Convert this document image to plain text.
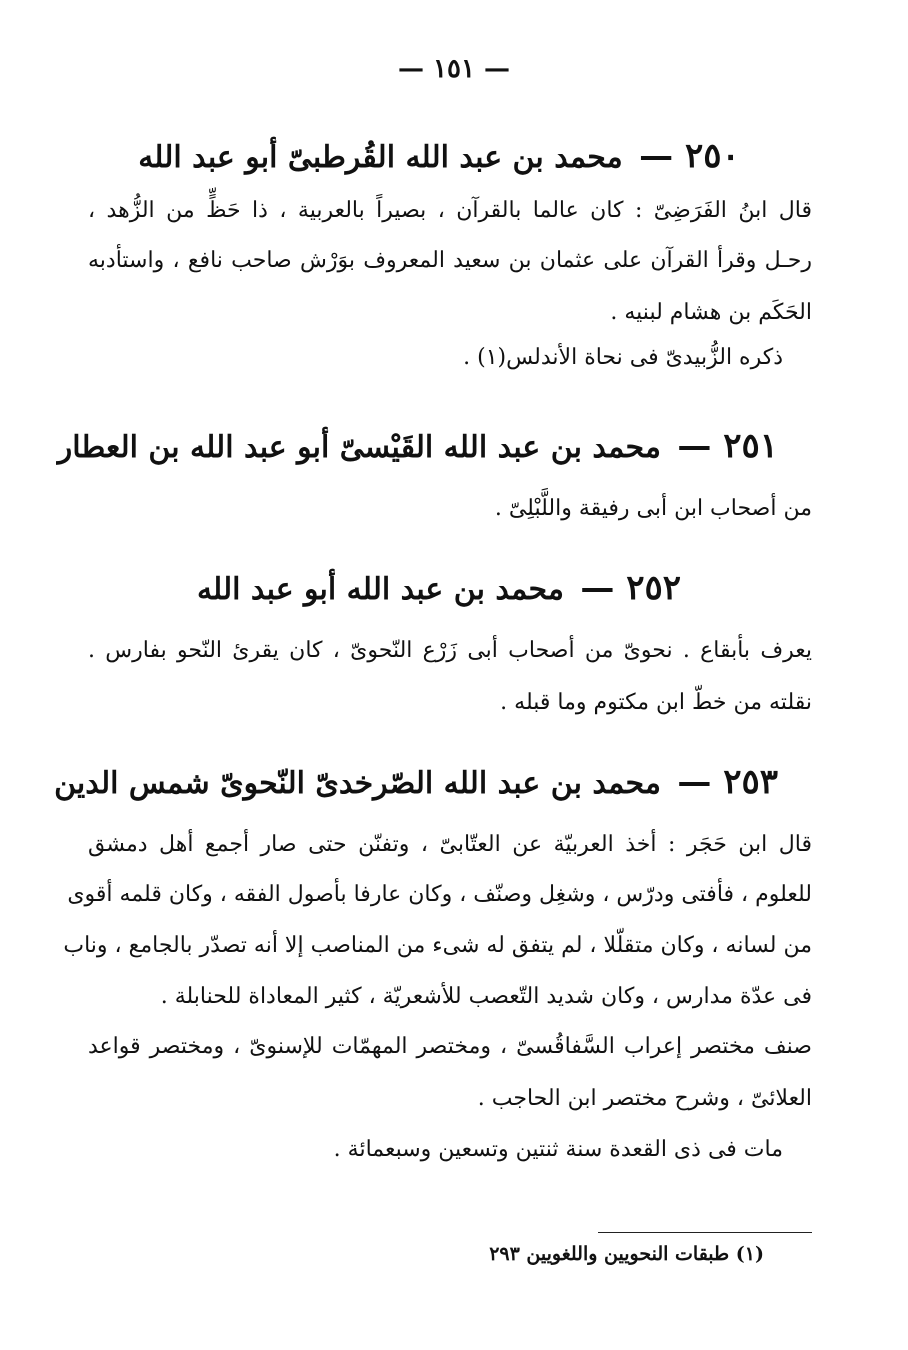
— ١٥١ —
٢٥٠ — محمد بن عبد الله القُرطبىّ أبو عبد الله
قال ابنُ الفَرَضِىّ : كان عالما بالقرآن ، بصيراً بالعربية ، ذا حَظٍّ من الزُّهد ،
رحـل وقرأ القرآن على عثمان بن سعيد المعروف بوَرْش صاحب نافع ، واستأدبه
الحَكَم بن هشام لبنيه .
ذكره الزُّبيدىّ فى نحاة الأندلس(١) .
٢٥١ — محمد بن عبد الله القَيْسىّ أبو عبد الله بن العطار
من أصحاب ابن أبى رفيقة واللَّبْلِىّ .
٢٥٢ — محمد بن عبد الله أبو عبد الله
يعرف بأبقاع . نحوىّ من أصحاب أبى زَرْع النّحوىّ ، كان يقرئ النّحو بفارس .
نقلته من خطّ ابن مكتوم وما قبله .
٢٥٣ — محمد بن عبد الله الصّرخدىّ النّحوىّ شمس الدين
قال ابن حَجَر : أخذ العربيّة عن العتّابىّ ، وتفنّن حتى صار أجمع أهل دمشق
للعلوم ، فأفتى ودرّس ، وشغِل وصنّف ، وكان عارفا بأصول الفقه ، وكان قلمه أقوى
من لسانه ، وكان متقلّلا ، لم يتفق له شىء من المناصب إلا أنه تصدّر بالجامع ، وناب
فى عدّة مدارس ، وكان شديد التّعصب للأشعريّة ، كثير المعاداة للحنابلة .
صنف مختصر إعراب السَّفاقُسىّ ، ومختصر المهمّات للإسنوىّ ، ومختصر قواعد
العلائىّ ، وشرح مختصر ابن الحاجب .
مات فى ذى القعدة سنة ثنتين وتسعين وسبعمائة .
(١) طبقات النحويين واللغويين ٢٩٣
